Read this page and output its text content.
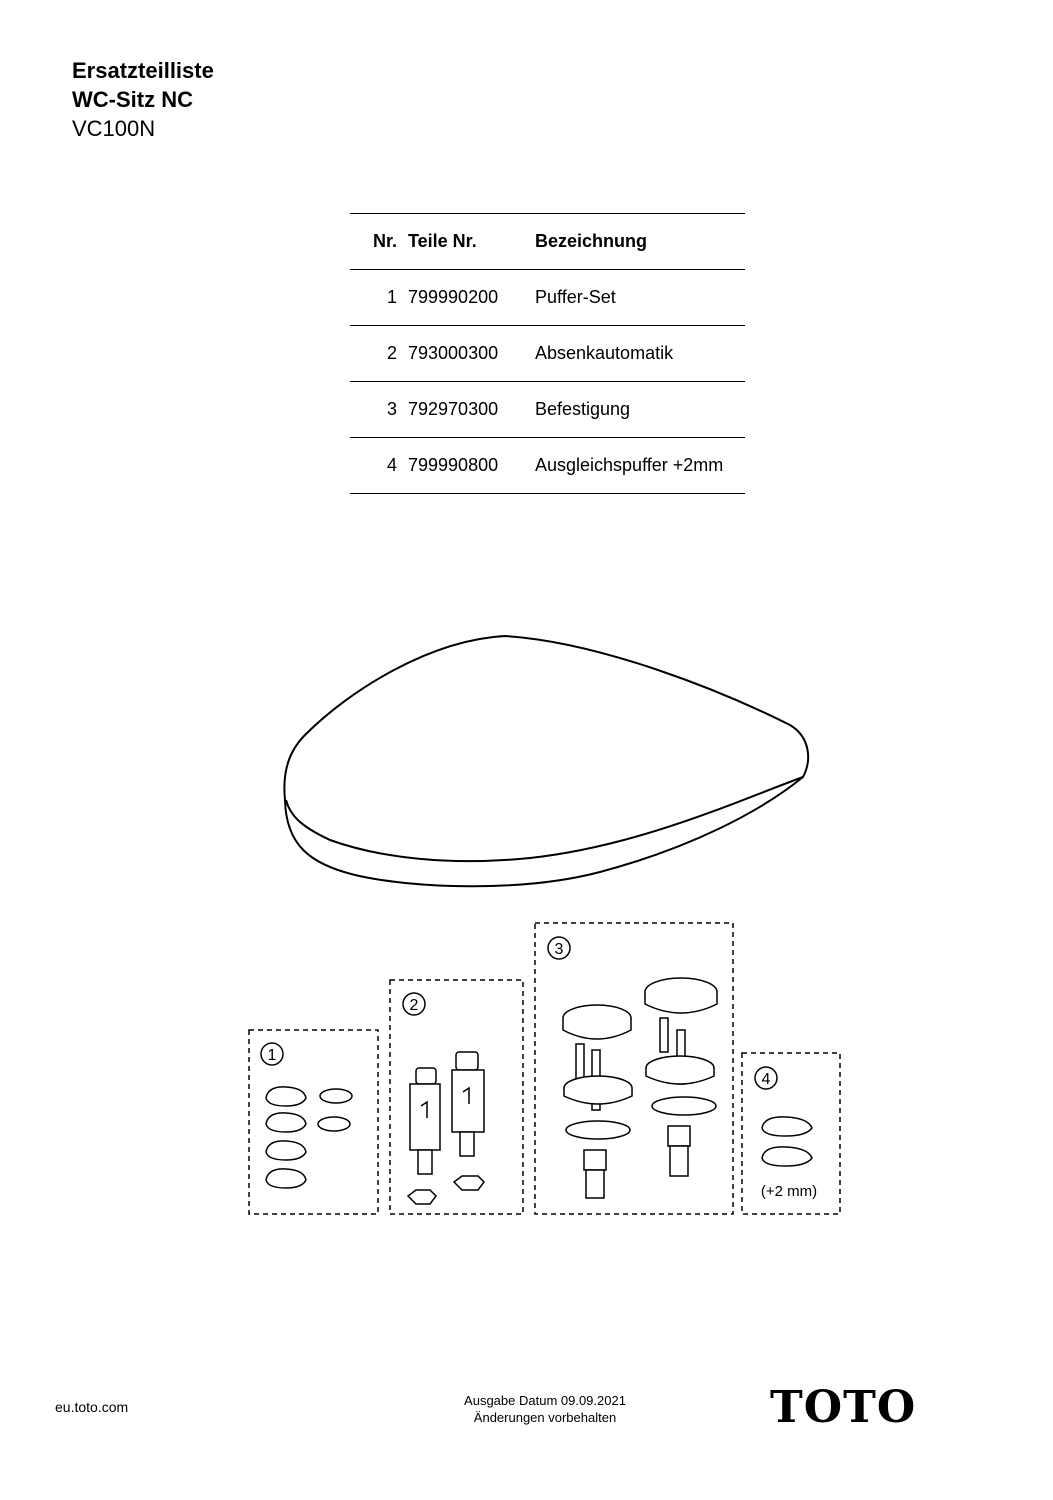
Ersatzteilliste
WC-Sitz NC
VC100N
Nr.	Teile Nr.	Bezeichnung
1	799990200	Puffer-Set
2	793000300	Absenkautomatik
3	792970300	Befestigung
4	799990800	Ausgleichspuffer +2mm
1
2
3
4
(+2 mm)
eu.toto.com	Ausgabe Datum 09.09.2021
Änderungen vorbehalten	TOTO
